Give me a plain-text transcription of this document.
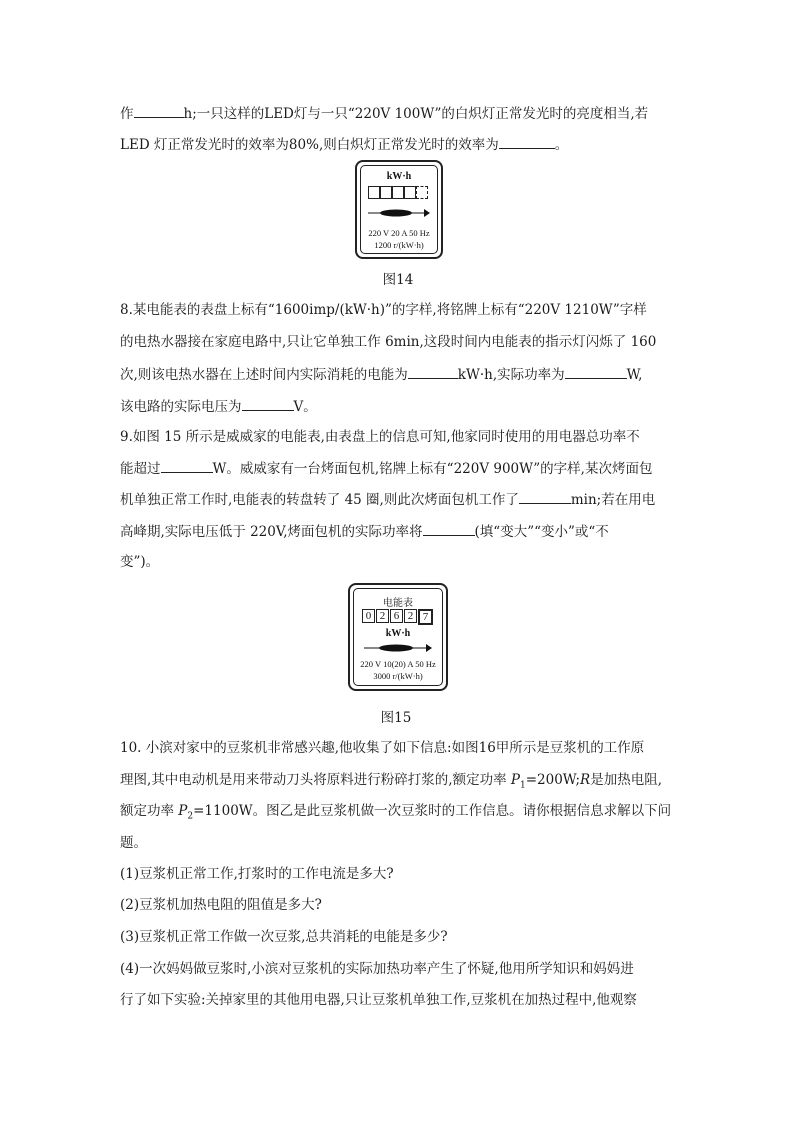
作	h;一只这样的LED灯与一只“220V 100W”的白炽灯正常发光时的亮度相当,若
LED 灯正常发光时的效率为80%,则白炽灯正常发光时的效率为	。
kW·h
220 V 20 A 50 Hz
1200 r/(kW·h)
图14
8.某电能表的表盘上标有“1600imp/(kW·h)”的字样,将铭牌上标有“220V 1210W”字样
的电热水器接在家庭电路中,只让它单独工作 6min,这段时间内电能表的指示灯闪烁了 160
次,则该电热水器在上述时间内实际消耗的电能为	kW·h,实际功率为	W,
该电路的实际电压为	V。
9.如图 15 所示是威威家的电能表,由表盘上的信息可知,他家同时使用的用电器总功率不
能超过	W。威威家有一台烤面包机,铭牌上标有“220V 900W”的字样,某次烤面包
机单独正常工作时,电能表的转盘转了 45 圈,则此次烤面包机工作了	min;若在用电
高峰期,实际电压低于 220V,烤面包机的实际功率将	(填“变大”“变小”或“不
变”)。
电能表
0 2 6 2 7
kW·h
220 V 10(20) A 50 Hz
3000 r/(kW·h)
图15
10. 小滨对家中的豆浆机非常感兴趣,他收集了如下信息:如图16甲所示是豆浆机的工作原
理图,其中电动机是用来带动刀头将原料进行粉碎打浆的,额定功率 $P_1=200W;R$是加热电阻,
额定功率 $P_2=1100W$。图乙是此豆浆机做一次豆浆时的工作信息。请你根据信息求解以下问
题。
(1)豆浆机正常工作,打浆时的工作电流是多大?
(2)豆浆机加热电阻的阻值是多大?
(3)豆浆机正常工作做一次豆浆,总共消耗的电能是多少?
(4)一次妈妈做豆浆时,小滨对豆浆机的实际加热功率产生了怀疑,他用所学知识和妈妈进
行了如下实验:关掉家里的其他用电器,只让豆浆机单独工作,豆浆机在加热过程中,他观察
